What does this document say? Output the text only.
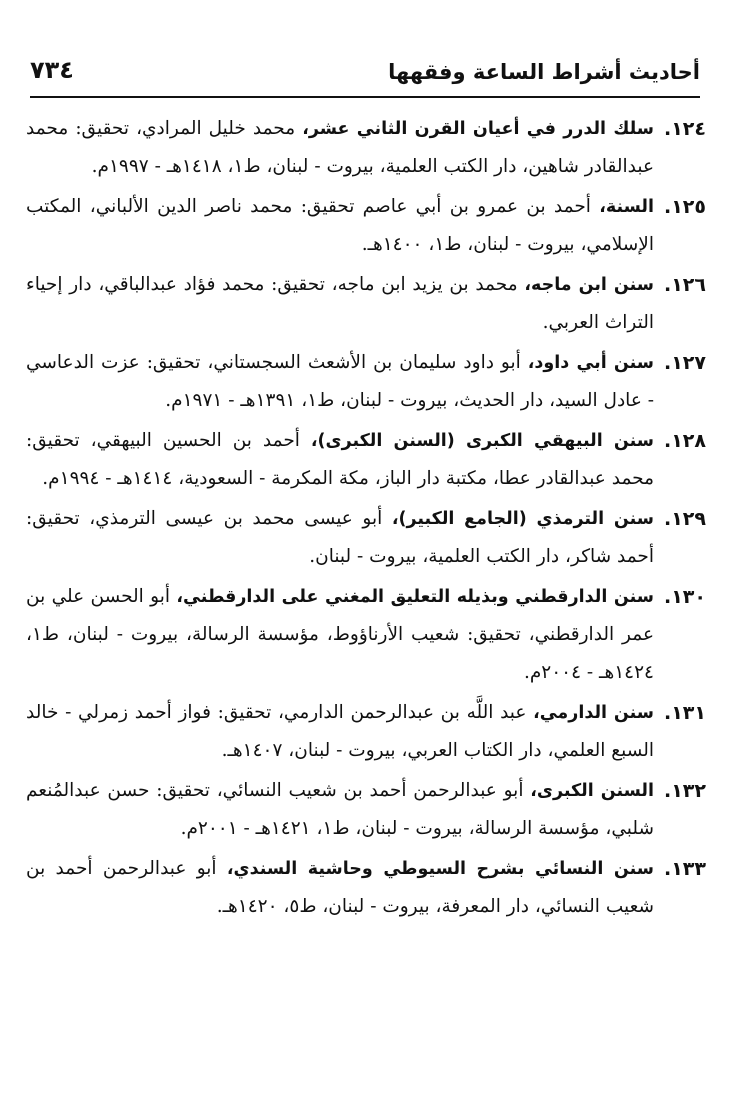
أحاديث أشراط الساعة وفقهها
٧٣٤
١٢٤.
سلك الدرر في أعيان القرن الثاني عشر، محمد خليل المرادي، تحقيق: محمد عبدالقادر شاهين، دار الكتب العلمية، بيروت - لبنان، ط١، ١٤١٨هـ - ١٩٩٧م.
١٢٥.
السنة، أحمد بن عمرو بن أبي عاصم تحقيق: محمد ناصر الدين الألباني، المكتب الإسلامي، بيروت - لبنان، ط١، ١٤٠٠هـ.
١٢٦.
سنن ابن ماجه، محمد بن يزيد ابن ماجه، تحقيق: محمد فؤاد عبدالباقي، دار إحياء التراث العربي.
١٢٧.
سنن أبي داود، أبو داود سليمان بن الأشعث السجستاني، تحقيق: عزت الدعاسي - عادل السيد، دار الحديث، بيروت - لبنان، ط١، ١٣٩١هـ - ١٩٧١م.
١٢٨.
سنن البيهقي الكبرى (السنن الكبرى)، أحمد بن الحسين البيهقي، تحقيق: محمد عبدالقادر عطا، مكتبة دار الباز، مكة المكرمة - السعودية، ١٤١٤هـ - ١٩٩٤م.
١٢٩.
سنن الترمذي (الجامع الكبير)، أبو عيسى محمد بن عيسى الترمذي، تحقيق: أحمد شاكر، دار الكتب العلمية، بيروت - لبنان.
١٣٠.
سنن الدارقطني وبذيله التعليق المغني على الدارقطني، أبو الحسن علي بن عمر الدارقطني، تحقيق: شعيب الأرناؤوط، مؤسسة الرسالة، بيروت - لبنان، ط١، ١٤٢٤هـ - ٢٠٠٤م.
١٣١.
سنن الدارمي، عبد اللَّه بن عبدالرحمن الدارمي، تحقيق: فواز أحمد زمرلي - خالد السبع العلمي، دار الكتاب العربي، بيروت - لبنان، ١٤٠٧هـ.
١٣٢.
السنن الكبرى، أبو عبدالرحمن أحمد بن شعيب النسائي، تحقيق: حسن عبدالمُنعم شلبي، مؤسسة الرسالة، بيروت - لبنان، ط١، ١٤٢١هـ - ٢٠٠١م.
١٣٣.
سنن النسائي بشرح السيوطي وحاشية السندي، أبو عبدالرحمن أحمد بن شعيب النسائي، دار المعرفة، بيروت - لبنان، ط٥، ١٤٢٠هـ.
